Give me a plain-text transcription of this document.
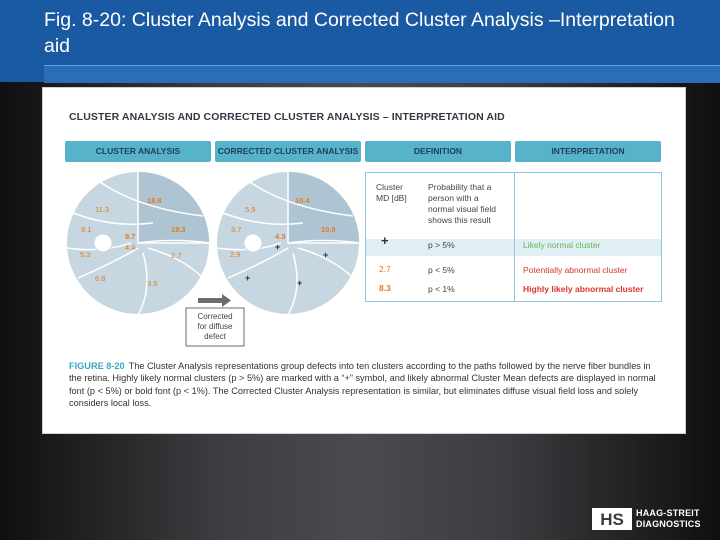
Fig. 8-20: Cluster Analysis and Corrected Cluster Analysis –Interpretation aid
CLUSTER ANALYSIS AND CORRECTED CLUSTER ANALYSIS – INTERPRETATION AID
CLUSTER ANALYSIS	CORRECTED CLUSTER ANALYSIS	DEFINITION	INTERPRETATION
18.8
11.3
9.1	19.3
9.7
4.4
5.3	2.7
6.8
3.5
10.4
5.9
3.7	10.9
4.3
+
2.9	+
+	+
Corrected
for diffuse
defect
Cluster
MD [dB]
Probability that a
person with a
normal visual field
shows this result
+	p > 5%	Likely normal cluster
2.7	p < 5%	Potentially abnormal cluster
8.3	p < 1%	Highly likely abnormal cluster

FIGURE 8-20 The Cluster Analysis representations group defects into ten clusters according to the paths followed by the nerve fiber bundles in the retina. Highly likely normal clusters (p > 5%) are marked with a “+” symbol, and likely abnormal Cluster Mean defects are displayed in normal font (p < 5%) or bold font (p < 1%). The Corrected Cluster Analysis representation is similar, but eliminates diffuse visual field loss and solely considers local loss.

HS HAAG-STREIT
DIAGNOSTICS
